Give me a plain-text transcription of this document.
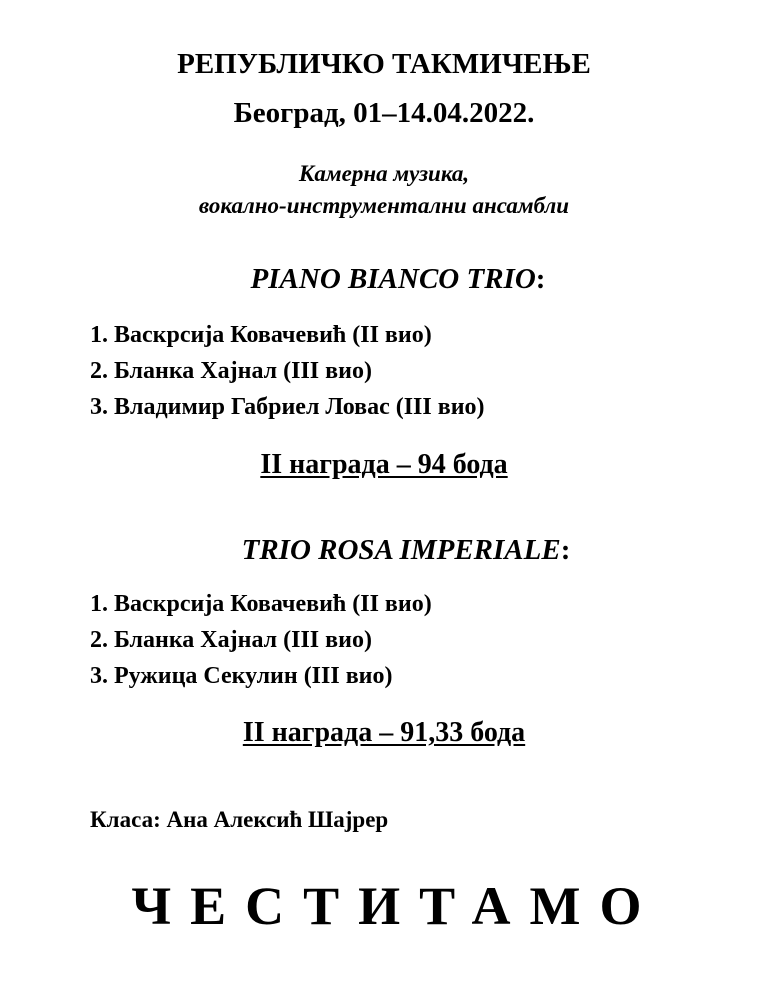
РЕПУБЛИЧКО ТАКМИЧЕЊЕ
Београд, 01–14.04.2022.
Камерна музика,
вокално-инструментални ансамбли
PIANO BIANCO TRIO:
1. Васкрсија Ковачевић (II вио)
2. Бланка Хајнал (III вио)
3. Владимир Габриел Ловас (III вио)
II награда – 94 бода
TRIO ROSA IMPERIALE:
1. Васкрсија Ковачевић (II вио)
2. Бланка Хајнал (III вио)
3. Ружица Секулин (III вио)
II награда – 91,33 бода
Класа: Ана Алексић Шајрер
ЧЕСТИТАМО
